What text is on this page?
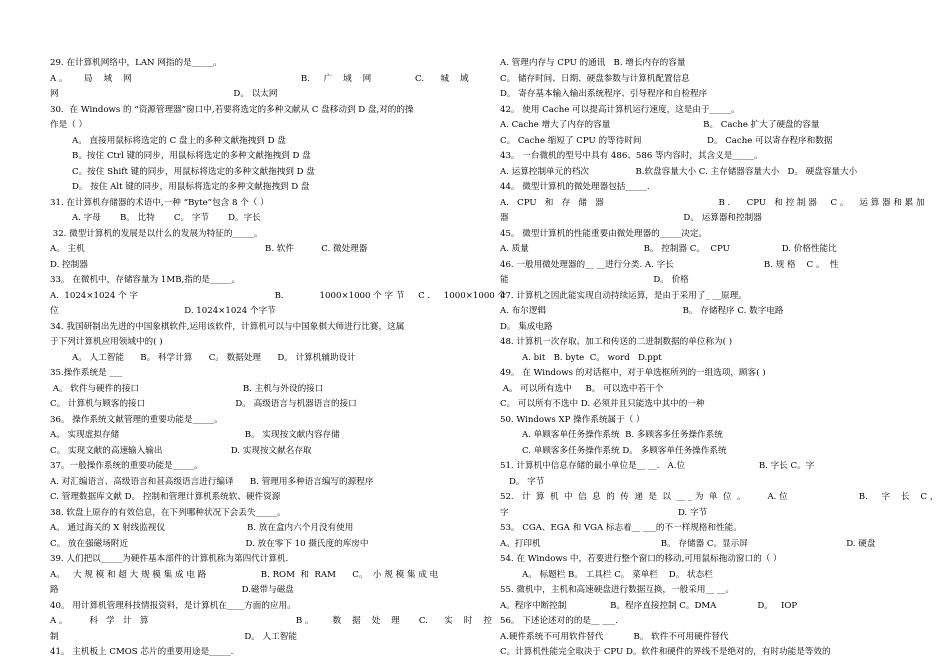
29. 在计算机网络中，LAN 网指的是_____。
A 。      局    域    网                                                              B.     广    域    网                C.      城    域
网                                                                D。 以太网
30．在 Windows 的 “资源管理器”窗口中,若要将选定的多种文献从 C 盘移动到 D 盘,对的的操
作是（ ）
A。 直接用鼠标将选定的 C 盘上的多种文献拖拽到 D 盘
B。按住 Ctrl 键的同步，用鼠标将选定的多种文献拖拽到 D 盘
C。按住 Shift 键的同步，用鼠标将选定的多种文献拖拽到 D 盘
D。 按住 Alt 键的同步，用鼠标将选定的多种文献拖拽到 D 盘
31. 在计算机存储器的术语中,一种 “Byte”包含 8 个（ ）
A. 字母       B。 比特       C。 字节       D。字长
32. 微型计算机的发展是以什么的发展为特征的_____。
A。 主机                                                                  B. 软件          C. 微处理器
D. 控制器
33。 在微机中，存储容量为 1MB,指的是_____。
A.  1024×1024 个 字                                                  B．           1000×1000 个 字 节     C .     1000×1000 个
位                                              D. 1024×1024 个字节
34. 我国研制出先进的中国象棋软件,运用该软件，计算机可以与中国象棋大师进行比赛，这属
于下列计算机应用领域中的( )
A。 人工智能      B。 科学计算      C。 数据处理      D。 计算机辅助设计
35.操作系统是 ___
A。 软件与硬件的接口                                      B. 主机与外设的接口
C。 计算机与顾客的接口                                 D。 高级语言与机器语言的接口
36。 操作系统文献管理的重要功能是_____。
A。 实现虚拟存储                                              B。 实现按文献内容存储
C。 实现文献的高速输入输出                         D. 实现按文献名存取
37。一般操作系统的重要功能是_____。
A. 对汇编语言、高级语言和甚高级语言进行编译      B. 管理用多种语言编写的源程序
C. 管理数据库文献 D。 控制和管理计算机系统软、硬件资源
38. 软盘上原存的有效信息，在下列哪种状况下会丢失_____。
A。 通过海关的 X 射线监视仪                              B. 放在盒内六个月没有使用
C。 放在强磁场附近                                           D. 放在零下 10 摄氏度的库房中
39. 人们把以_____为硬件基本部件的计算机称为第四代计算机.
A。   大 规 模 和 超 大 规 模 集 成 电 路                    B. ROM  和  RAM      C。  小 规 模 集 成 电
路                                                                   D.磁带与磁盘
40。 用计算机管理科技情报资料，是计算机在____方面的应用。
A 。        科   学   计   算                                                      B 。       数    据    处    理       C.      实    时    控
制                                                                    D。 人工智能
41。 主机板上 CMOS 芯片的重要用途是_____.
A. 管理内存与 CPU 的通讯   B. 增长内存的容量
C。 储存时间、日期、硬盘参数与计算机配置信息
D。 寄存基本输入输出系统程序、引导程序和自检程序
42。 使用 Cache 可以提高计算机运行速度，这是由于_____。
A. Cache 增大了内存的容量                                  B。 Cache 扩大了硬盘的容量
C。 Cache 缩短了 CPU 的等待时间                        D。 Cache 可以寄存程序和数据
43。 一台微机的型号中具有 486、586 等内容时，其含义是_____。
A. 运算控制单元的档次                 B.软盘容量大小 C. 主存储器容量大小   D。 硬盘容量大小
44。 微型计算机的微处理器包括_____.
A.   CPU   和   存   储   器                                          B .      CPU   和 控 制 器     C 。    运 算 器 和 累 加
器                                                                D。 运算器和控制器
45。 微型计算机的性能重要由微处理器的_____决定。
A. 质量                                          B。 控制器 C。  CPU                   D. 价格性能比
46. 一般用微处理器的__ __进行分类. A. 字长                                 B. 规 格    C 。  性
能                                                     D。 价格
47. 计算机之因此能实现自动持续运算，是由于采用了_ __原理。
A. 布尔逻辑                                                  B。 存储程序 C. 数字电路
D。 集成电路
48. 计算机一次存取、加工和传送的二进制数据的单位称为( )
A. bit   B. byte  C。 word   D.ppt
49。 在 Windows 的对话框中，对于单选框所列的一组选项，顾客( )
A。 可以所有选中     B。 可以选中若干个
C。 可以所有不选中 D. 必须并且只能选中其中的一种
50. Windows XP 操作系统属于（ ）
A. 单顾客单任务操作系统  B. 多顾客多任务操作系统
C. 单顾客多任务操作系统 D。 多顾客单任务操作系统
51. 计算机中信息存储的最小单位是__ __.   A.位                           B. 字长 C。字
D。 字节
52.   计  算  机  中  信  息  的  传  递  是  以  __ _ 为  单  位  。        A. 位                          B.     字    长    C ，
字                                                              D. 字节
53。 CGA、EGA 和 VGA 标志着__ ___的不一样规格和性能。
A。打印机                                            B。 存储器 C。显示屏                                    D. 硬盘
54. 在 Windows 中，若要进行整个窗口的移动,可用鼠标拖动窗口的（ ）
A。 标题栏 B。 工具栏 C。 菜单栏    D。 状态栏
55. 微机中，主机和高速硬盘进行数据互换，一般采用__ __。
A。程序中断控制                B。程序直接控制 C。DMA               D。   IOP
56。 下述论述对的的是__ ___.
A.硬件系统不可用软件替代           B。 软件不可用硬件替代
C。计算机性能完全取决于 CPU D。软件和硬件的界线不是绝对的，有时功能是等效的
